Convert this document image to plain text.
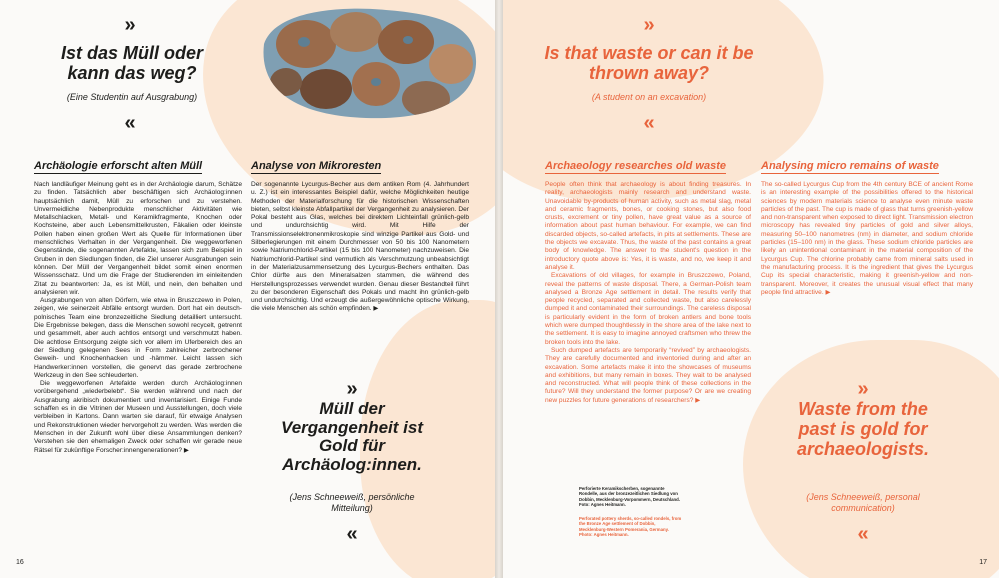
»
Ist das Müll oder kann das weg?
(Eine Studentin auf Ausgrabung)
«
Archäologie erforscht alten Müll

Nach landläufiger Meinung geht es in der Archäologie darum, Schätze zu finden. Tatsächlich aber beschäftigen sich Archäolog:innen hauptsächlich damit, Müll zu erforschen und zu verstehen. Unvermeidliche Nebenprodukte menschlicher Aktivitäten wie Metallschlacken, Metall- und Keramikfragmente, Knochen oder Kochsteine, aber auch Lebensmittelkrusten, Fäkalien oder kleinste Pollen haben einen großen Wert als Quelle für Informationen über menschliches Verhalten in der Vergangenheit. Die weggeworfenen Gegenstände, die sogenannten Artefakte, lassen sich zum Beispiel in Gruben in den Siedlungen finden, die Ziel unserer Ausgrabungen sein können. Der Müll der Vergangenheit bildet somit einen enormen Wissensschatz. Und um die Frage der Studierenden im einleitenden Zitat zu beantworten: Ja, es ist Müll, und nein, den behalten und analysieren wir.

Ausgrabungen von alten Dörfern, wie etwa in Bruszczewo in Polen, zeigen, wie seinerzeit Abfälle entsorgt wurden. Dort hat ein deutsch-polnisches Team eine bronzezeitliche Siedlung detailliert untersucht. Die Ergebnisse belegen, dass die Menschen sowohl recycelt, getrennt und gesammelt, aber auch achtlos entsorgt und verschmutzt haben. Die achtlose Entsorgung zeigte sich vor allem im Uferbereich des an der Siedlung gelegenen Sees in Form zahlreicher zerbrochener Geweih- und Knochenhacken und -hämmer. Leicht lassen sich Handwerker:innen vorstellen, die genervt das gerade zerbrochene Werkzeug in den See schleuderten.

Die weggeworfenen Artefakte werden durch Archäolog:innen vorübergehend „wiederbelebt“. Sie werden während und nach der Ausgrabung akribisch dokumentiert und inventarisiert. Einige Funde schaffen es in die Vitrinen der Museen und Ausstellungen, doch viele verbleiben in Kartons. Dann warten sie darauf, für etwaige Analysen und Rekonstruktionen wieder hervorgeholt zu werden. Was werden die Menschen in der Zukunft wohl über diese Ansammlungen denken? Verstehen sie den ehemaligen Zweck oder schaffen wir gerade neue Rätsel für zukünftige Forscher:innengenerationen? ▶

Analyse von Mikroresten

Der sogenannte Lycurgus-Becher aus dem antiken Rom (4. Jahrhundert u. Z.) ist ein interessantes Beispiel dafür, welche Möglichkeiten heutige Methoden der Materialforschung für die historischen Wissenschaften bieten, selbst kleinste Abfallpartikel der Vergangenheit zu analysieren. Der Pokal besteht aus Glas, welches bei direktem Lichteinfall grünlich-gelb und undurchsichtig wird. Mit Hilfe der Transmissionselektronenmikroskopie sind winzige Partikel aus Gold- und Silberlegierungen mit einem Durchmesser von 50 bis 100 Nanometern sowie Natriumchlorid-Partikel (15 bis 100 Nanometer) nachzuweisen. Die Natriumchlorid-Partikel sind vermutlich als Verschmutzung unbeabsichtigt in der Materialzusammensetzung des Lycurgus-Bechers enthalten. Das Chlor dürfte aus den Mineralsalzen stammen, die während des Herstellungsprozesses verwendet wurden. Genau dieser Bestandteil führt zu der besonderen Eigenschaft des Pokals und macht ihn grünlich-gelb und undurchsichtig. Und erzeugt die außergewöhnliche optische Wirkung, die viele Menschen als schön empfinden. ▶

»
Müll der Vergangenheit ist Gold für Archäolog:innen.
(Jens Schneeweiß, persönliche Mitteilung)
«
16
»
Is that waste or can it be thrown away?
(A student on an excavation)
«
Archaeology researches old waste

People often think that archaeology is about finding treasures. In reality, archaeologists mainly research and understand waste. Unavoidable by-products of human activity, such as metal slag, metal and ceramic fragments, bones, or cooking stones, but also food crusts, excrement or tiny pollen, have great value as a source of information about past human behaviour. For example, we can find discarded objects, so-called artefacts, in pits at settlements. These are the objects we excavate. Thus, the waste of the past contains a great body of knowledge. The answer to the student's question in the introductory quote above is: Yes, it is waste, and no, we keep it and analyse it.

Excavations of old villages, for example in Bruszczewo, Poland, reveal the patterns of waste disposal. There, a German-Polish team analysed a Bronze Age settlement in detail. The results verify that people recycled, separated and collected waste, but also carelessly dumped it and contaminated their surroundings. The careless disposal is particularly evident in the form of broken antlers and bone tools which were dumped thoughtlessly in the shore area of the lake next to the settlement. It is easy to imagine annoyed craftsmen who threw the broken tools into the lake.

Such dumped artefacts are temporarily “revived” by archaeologists. They are carefully documented and inventoried during and after an excavation. Some artefacts make it into the showcases of museums and exhibitions, but many remain in boxes. They wait to be analysed and reconstructed. What will people think of these collections in the future? Will they understand the former purpose? Or are we creating new puzzles for future generations of researchers? ▶

Perforierte Keramikscherben, sogenannte Rondelle, aus der bronzezeitlichen Siedlung von Dobbin, Mecklenburg-Vorpommern, Deutschland. Foto: Agnes Heitmann.
Perforated pottery sherds, so-called rondels, from the Bronze Age settlement of Dobbin, Mecklenburg-Western Pomerania, Germany. Photo: Agnes Heitmann.
Analysing micro remains of waste

The so-called Lycurgus Cup from the 4th century BCE of ancient Rome is an interesting example of the possibilities offered to the historical sciences by modern materials science to analyse even minute waste particles of the past. The cup is made of glass that turns greenish-yellow and non-transparent when exposed to direct light. Transmission electron microscopy has revealed tiny particles of gold and silver alloys, measuring 50–100 nanometres (nm) in diameter, and sodium chloride particles (15–100 nm) in the glass. These sodium chloride particles are likely an unintentional contaminant in the material composition of the Lycurgus Cup. The chlorine probably came from mineral salts used in the manufacturing process. It is the ingredient that gives the Lycurgus Cup its special characteristic, making it greenish-yellow and non-transparent. Moreover, it creates the unusual visual effect that many people find attractive. ▶

»
Waste from the past is gold for archaeologists.
(Jens Schneeweiß, personal communication)
«
17
